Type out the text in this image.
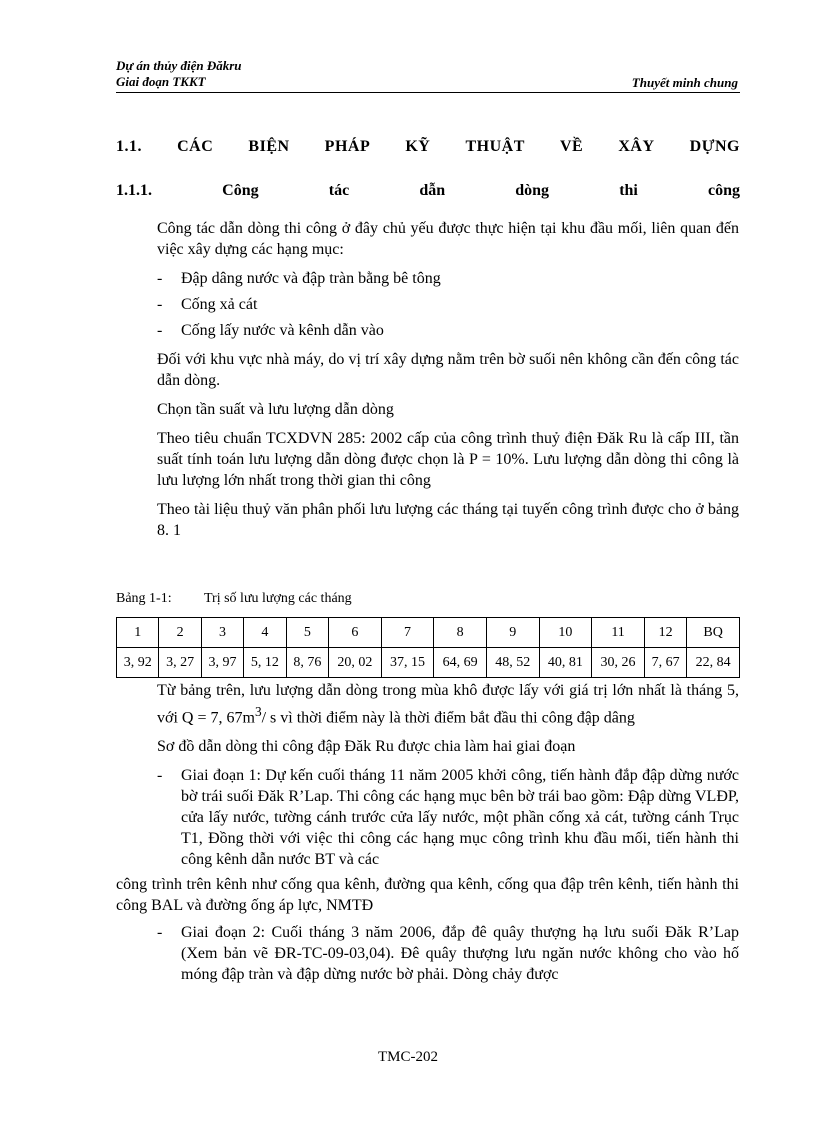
Dự án thủy điện Đăkru
Giai đoạn TKKT	Thuyết minh chung
1.1. CÁC BIỆN PHÁP KỸ THUẬT VỀ XÂY DỰNG
1.1.1.	Công	tác	dẫn	dòng	thi	công

Công tác dẫn dòng thi công ở đây chủ yếu được thực hiện tại khu đầu mối, liên quan đến việc xây dựng các hạng mục:

- Đập dâng nước và đập tràn bằng bê tông
- Cống xả cát
- Cống lấy nước và kênh dẫn vào

Đối với khu vực nhà máy, do vị trí xây dựng nằm trên bờ suối nên không cần đến công tác dẫn dòng.

Chọn tần suất và lưu lượng dẫn dòng

Theo tiêu chuẩn TCXDVN 285: 2002 cấp của công trình thuỷ điện Đăk Ru là cấp III, tần suất tính toán lưu lượng dẫn dòng được chọn là P = 10%. Lưu lượng dẫn dòng thi công là lưu lượng lớn nhất trong thời gian thi công

Theo tài liệu thuỷ văn phân phối lưu lượng các tháng tại tuyến công trình được cho ở bảng 8. 1

Bảng 1-1: Trị số lưu lượng các tháng
1	2	3	4	5	6	7	8	9	10	11	12	BQ
3, 92	3, 27	3, 97	5, 12	8, 76	20, 02	37, 15	64, 69	48, 52	40, 81	30, 26	7, 67	22, 84

Từ bảng trên, lưu lượng dẫn dòng trong mùa khô được lấy với giá trị lớn nhất là tháng 5, với Q = 7, $67m^3/$ s vì thời điểm này là thời điểm bắt đầu thi công đập dâng

Sơ đồ dẫn dòng thi công đập Đăk Ru được chia làm hai giai đoạn

- Giai đoạn 1: Dự kến cuối tháng 11 năm 2005 khởi công, tiến hành đắp đập dừng nước bờ trái suối Đăk R’Lap. Thi công các hạng mục bên bờ trái bao gồm: Đập dừng VLĐP, cửa lấy nước, tường cánh trước cửa lấy nước, một phần cống xả cát, tường cánh Trục T1, Đồng thời với việc thi công các hạng mục công trình khu đầu mối, tiến hành thi công kênh dẫn nước BT và các
công trình trên kênh như cống qua kênh, đường qua kênh, cống qua đập trên kênh, tiến hành thi công BAL và đường ống áp lực, NMTĐ
- Giai đoạn 2: Cuối tháng 3 năm 2006, đắp đê quây thượng hạ lưu suối Đăk R’Lap (Xem bản vẽ ĐR-TC-09-03,04). Đê quây thượng lưu ngăn nước không cho vào hố móng đập tràn và đập dừng nước bờ phải. Dòng chảy được
TMC-202
